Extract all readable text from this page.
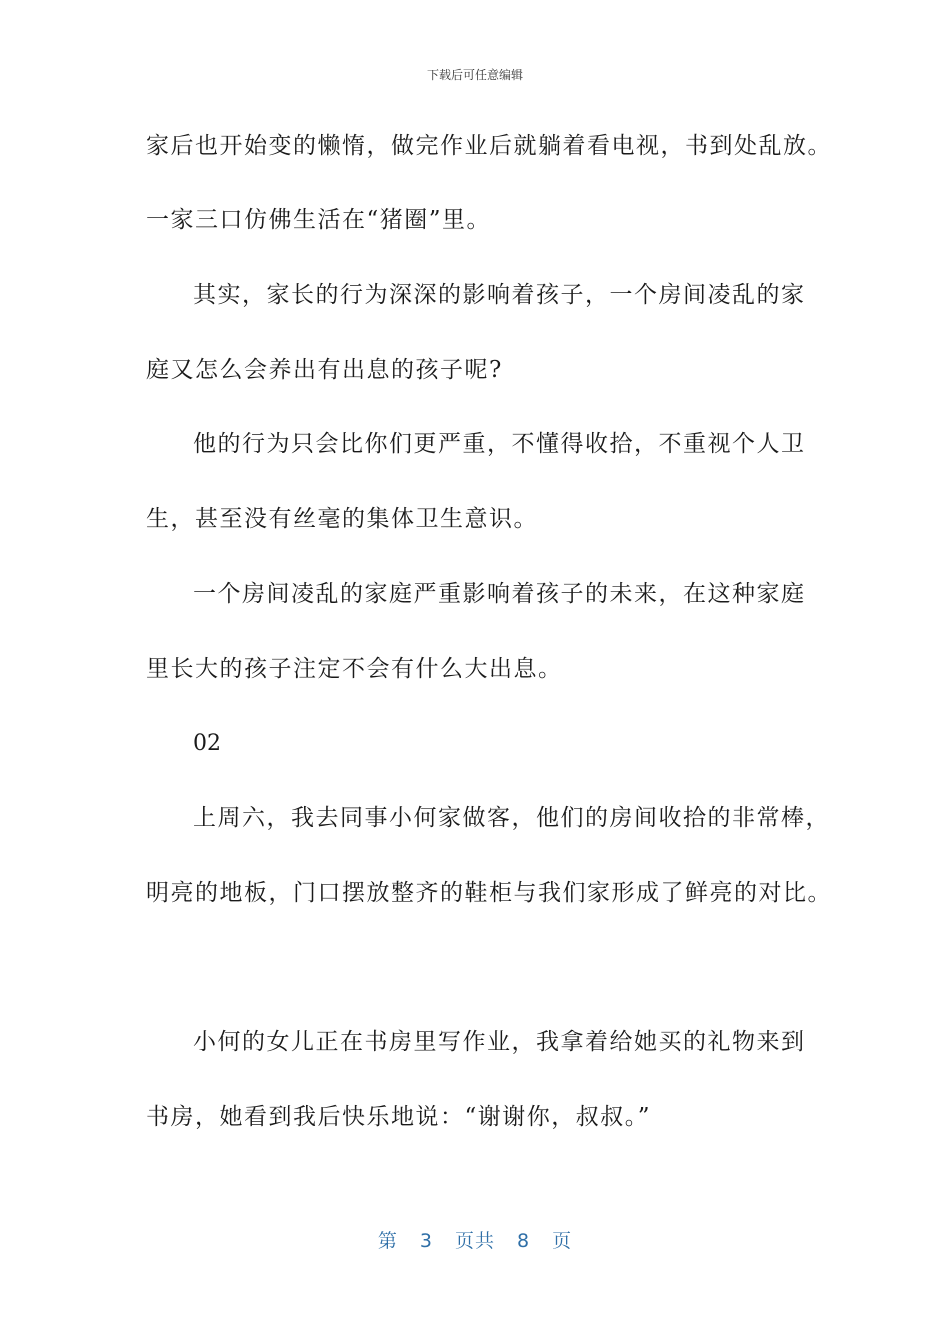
下载后可任意编辑
家后也开始变的懒惰，做完作业后就躺着看电视，书到处乱放。
一家三口仿佛生活在“猪圈”里。
其实，家长的行为深深的影响着孩子，一个房间凌乱的家
庭又怎么会养出有出息的孩子呢?
他的行为只会比你们更严重，不懂得收拾，不重视个人卫
生，甚至没有丝毫的集体卫生意识。
一个房间凌乱的家庭严重影响着孩子的未来，在这种家庭
里长大的孩子注定不会有什么大出息。
02
上周六，我去同事小何家做客，他们的房间收拾的非常棒，
明亮的地板，门口摆放整齐的鞋柜与我们家形成了鲜亮的对比。
小何的女儿正在书房里写作业，我拿着给她买的礼物来到
书房，她看到我后快乐地说：“谢谢你，叔叔。”
第 3 页共 8 页
